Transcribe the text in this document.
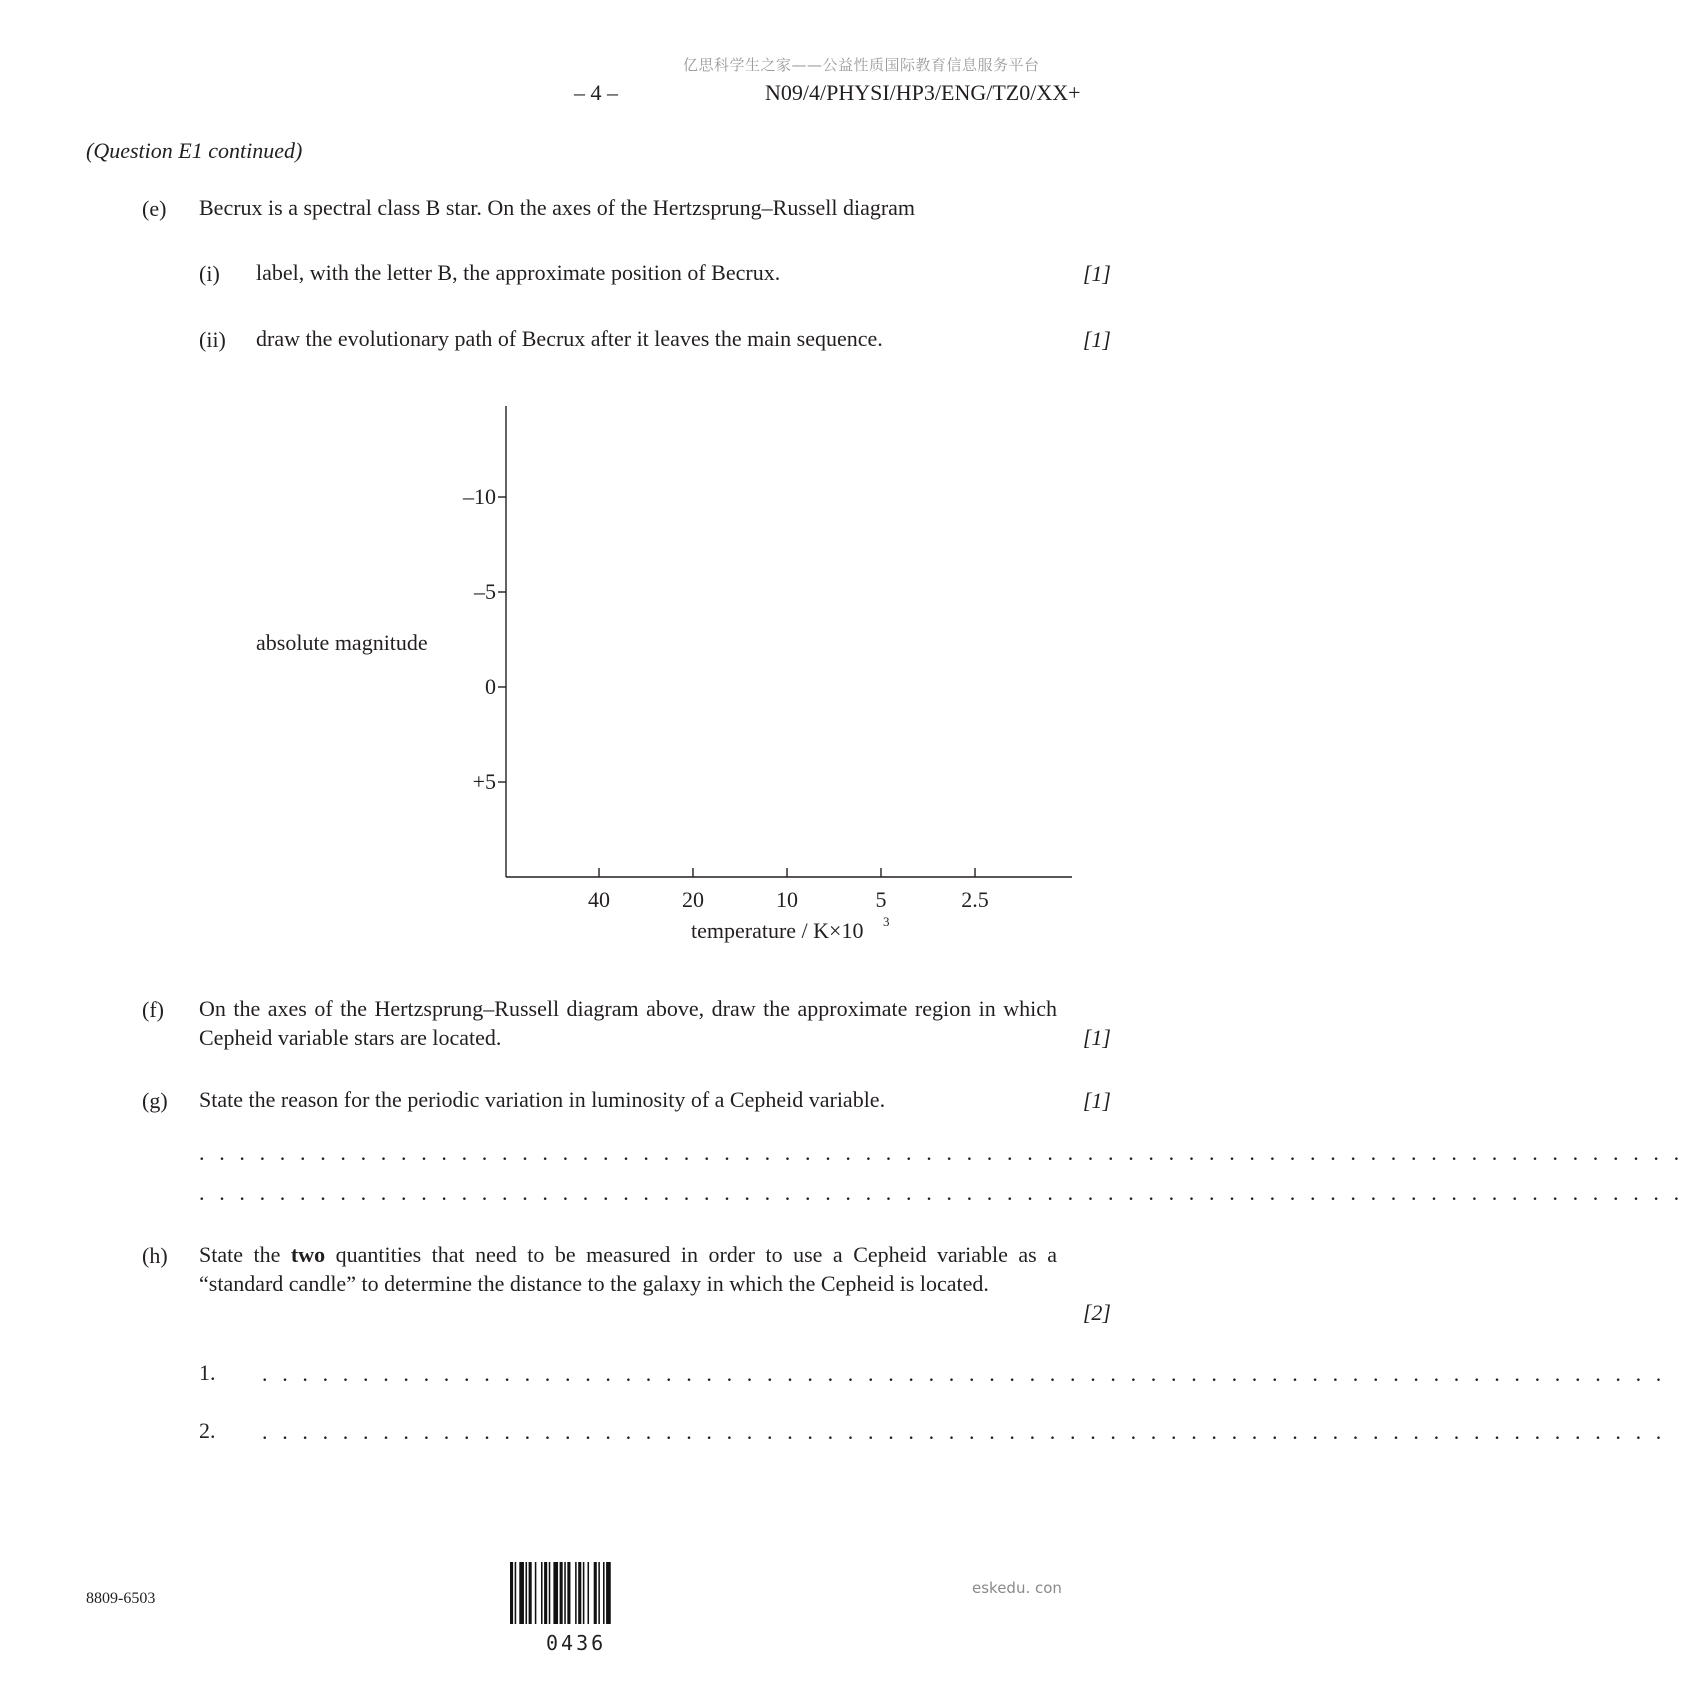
亿思科学生之家——公益性质国际教育信息服务平台
– 4 –	N09/4/PHYSI/HP3/ENG/TZ0/XX+
(Question E1 continued)
(e) Becrux is a spectral class B star. On the axes of the Hertzsprung–Russell diagram
(i) label, with the letter B, the approximate position of Becrux.	[1]
(ii) draw the evolutionary path of Becrux after it leaves the main sequence.	[1]
–10
–5
0
+5
40	20	10	5	2.5
absolute magnitude
temperature / K×10 3
(f) On the axes of the Hertzsprung–Russell diagram above, draw the approximate region in which Cepheid variable stars are located.	[1]
(g) State the reason for the periodic variation in luminosity of a Cepheid variable.	[1]
. . . . . . . . . . . . . . . . . . . . . . . . . . . . . . . . . . . . . . . . . . . . . . . . . . . . . . . . . . . . . . . . . . . . . . . . . .
. . . . . . . . . . . . . . . . . . . . . . . . . . . . . . . . . . . . . . . . . . . . . . . . . . . . . . . . . . . . . . . . . . . . . . . . . .
(h) State the two quantities that need to be measured in order to use a Cepheid variable as a “standard candle” to determine the distance to the galaxy in which the Cepheid is located.
[2]
1. . . . . . . . . . . . . . . . . . . . . . . . . . . . . . . . . . . . . . . . . . . . . . . . . . . . . . . . . . . . . . . . . . . . . . .
2. . . . . . . . . . . . . . . . . . . . . . . . . . . . . . . . . . . . . . . . . . . . . . . . . . . . . . . . . . . . . . . . . . . . . . .
8809-6503
0436
eskedu. con
